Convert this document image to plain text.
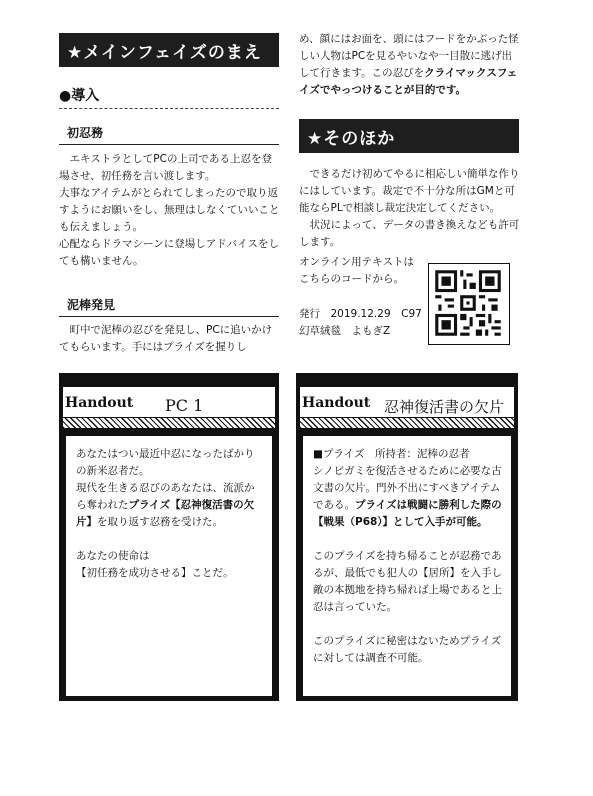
★メインフェイズのまえ
●導入
初忍務

エキストラとしてPCの上司である上忍を登場させ、初任務を言い渡します。

大事なアイテムがとられてしまったので取り返すようにお願いをし、無理はしなくていいことも伝えましょう。

心配ならドラマシーンに登場しアドバイスをしても構いません。

泥棒発見

町中で泥棒の忍びを発見し、PCに追いかけてもらいます。手にはプライズを握りし

め、顔にはお面を、頭にはフードをかぶった怪しい人物はPCを見るやいなや一目散に逃げ出して行きます。この忍びをクライマックスフェイズでやっつけることが目的です。

★そのほか

できるだけ初めてやるに相応しい簡単な作りにはしています。裁定で不十分な所はGMと可能ならPLで相談し裁定決定してください。

状況によって、データの書き換えなども許可します。

オンライン用テキストは

こちらのコードから。

発行　2019.12.29　C97

幻草絨毯　よもぎZ

Handout PC 1

あなたはつい最近中忍になったばかりの新米忍者だ。

現代を生きる忍びのあなたは、流派から奪われたプライズ【忍神復活書の欠片】を取り返す忍務を受けた。

あなたの使命は

【初任務を成功させる】ことだ。

Handout 忍神復活書の欠片

■プライズ　所持者：泥棒の忍者

シノビガミを復活させるために必要な古文書の欠片。門外不出にすべきアイテムである。プライズは戦闘に勝利した際の【戦果（P68）】として入手が可能。

このプライズを持ち帰ることが忍務であるが、最低でも犯人の【居所】を入手し敵の本拠地を持ち帰れば上場であると上忍は言っていた。

このプライズに秘密はないためプライズに対しては調査不可能。
